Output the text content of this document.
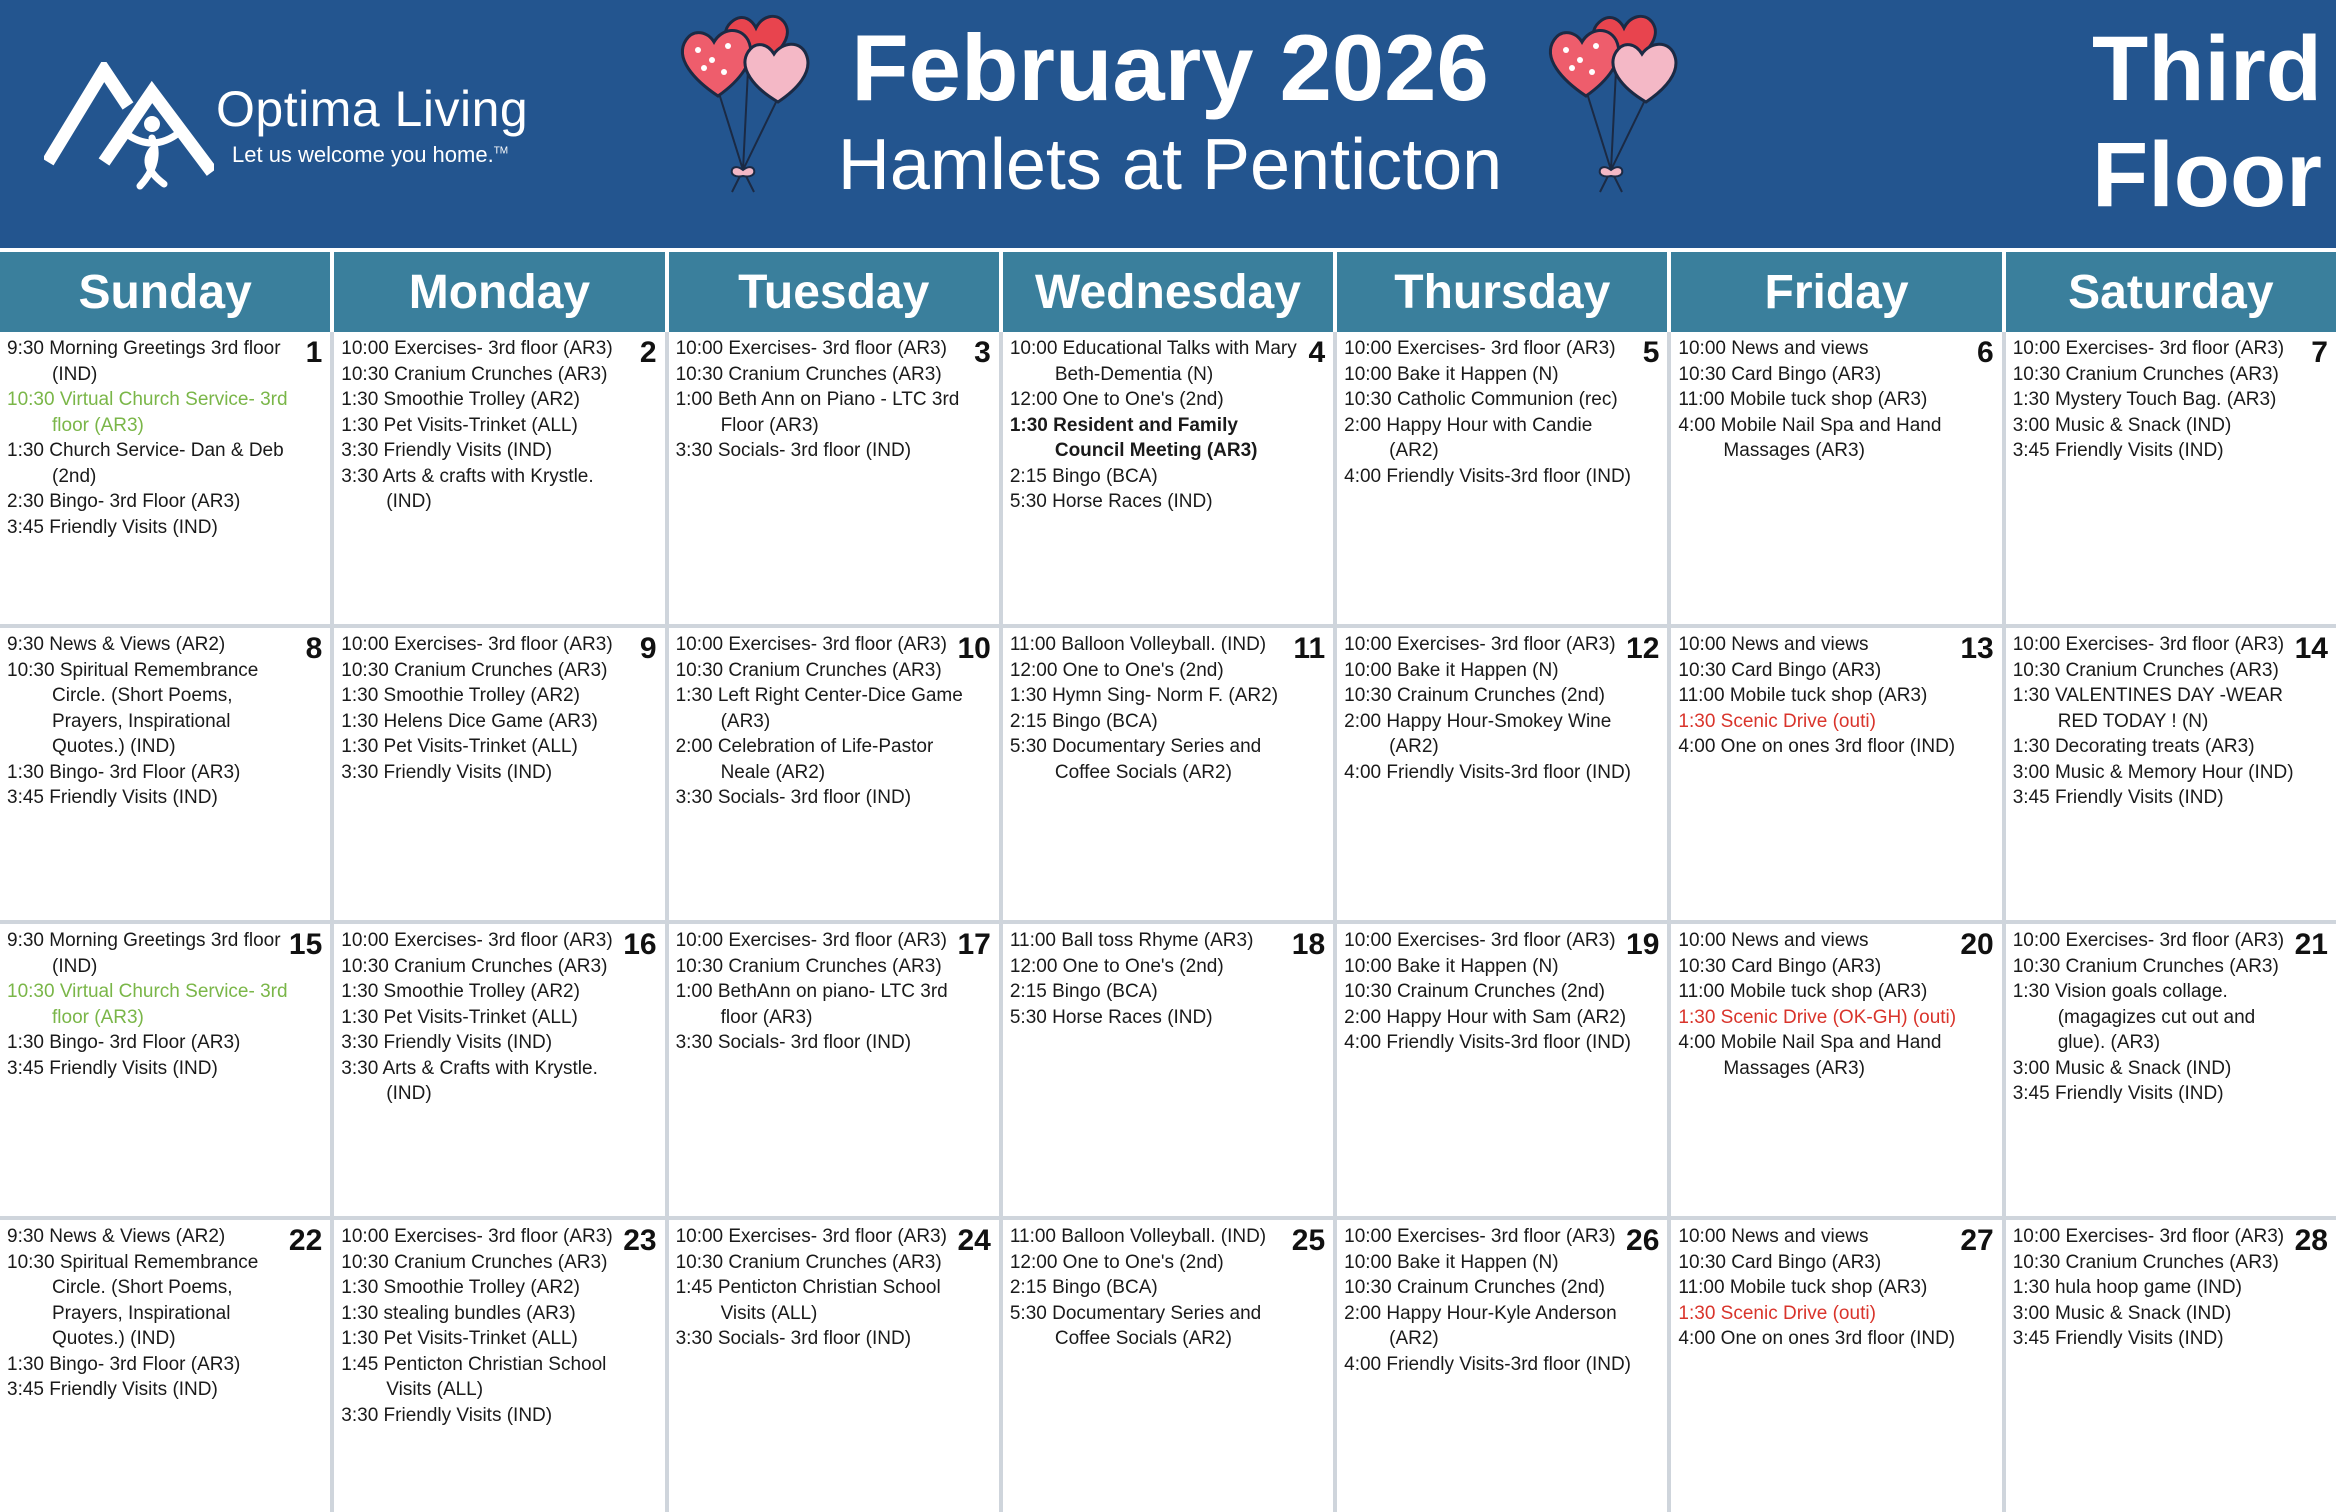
Optima Living
Let us welcome you home.™
February 2026
Hamlets at Penticton
Third
Floor
Sunday	Monday	Tuesday	Wednesday	Thursday	Friday	Saturday
1
9:30 Morning Greetings 3rd floor (IND)
10:30 Virtual Church Service- 3rd floor (AR3)
1:30 Church Service- Dan & Deb (2nd)
2:30 Bingo- 3rd Floor (AR3)
3:45 Friendly Visits (IND)
2
10:00 Exercises- 3rd floor (AR3)
10:30 Cranium Crunches (AR3)
1:30 Smoothie Trolley (AR2)
1:30 Pet Visits-Trinket (ALL)
3:30 Friendly Visits (IND)
3:30 Arts & crafts with Krystle. (IND)
3
10:00 Exercises- 3rd floor (AR3)
10:30 Cranium Crunches (AR3)
1:00 Beth Ann on Piano - LTC 3rd Floor (AR3)
3:30 Socials- 3rd floor (IND)
4
10:00 Educational Talks with Mary Beth-Dementia (N)
12:00 One to One's (2nd)
1:30 Resident and Family Council Meeting (AR3)
2:15 Bingo (BCA)
5:30 Horse Races (IND)
5
10:00 Exercises- 3rd floor (AR3)
10:00 Bake it Happen (N)
10:30 Catholic Communion (rec)
2:00 Happy Hour with Candie (AR2)
4:00 Friendly Visits-3rd floor (IND)
6
10:00 News and views
10:30 Card Bingo (AR3)
11:00 Mobile tuck shop (AR3)
4:00 Mobile Nail Spa and Hand Massages (AR3)
7
10:00 Exercises- 3rd floor (AR3)
10:30 Cranium Crunches (AR3)
1:30 Mystery Touch Bag. (AR3)
3:00 Music & Snack (IND)
3:45 Friendly Visits (IND)
8
9:30 News & Views (AR2)
10:30 Spiritual Remembrance Circle. (Short Poems, Prayers, Inspirational Quotes.) (IND)
1:30 Bingo- 3rd Floor (AR3)
3:45 Friendly Visits (IND)
9
10:00 Exercises- 3rd floor (AR3)
10:30 Cranium Crunches (AR3)
1:30 Smoothie Trolley (AR2)
1:30 Helens Dice Game (AR3)
1:30 Pet Visits-Trinket (ALL)
3:30 Friendly Visits (IND)
10
10:00 Exercises- 3rd floor (AR3)
10:30 Cranium Crunches (AR3)
1:30 Left Right Center-Dice Game (AR3)
2:00 Celebration of Life-Pastor Neale (AR2)
3:30 Socials- 3rd floor (IND)
11
11:00 Balloon Volleyball. (IND)
12:00 One to One's (2nd)
1:30 Hymn Sing- Norm F. (AR2)
2:15 Bingo (BCA)
5:30 Documentary Series and Coffee Socials (AR2)
12
10:00 Exercises- 3rd floor (AR3)
10:00 Bake it Happen (N)
10:30 Crainum Crunches (2nd)
2:00 Happy Hour-Smokey Wine (AR2)
4:00 Friendly Visits-3rd floor (IND)
13
10:00 News and views
10:30 Card Bingo (AR3)
11:00 Mobile tuck shop (AR3)
1:30 Scenic Drive (outi)
4:00 One on ones 3rd floor (IND)
14
10:00 Exercises- 3rd floor (AR3)
10:30 Cranium Crunches (AR3)
1:30 VALENTINES DAY -WEAR RED TODAY ! (N)
1:30 Decorating treats (AR3)
3:00 Music & Memory Hour (IND)
3:45 Friendly Visits (IND)
15
9:30 Morning Greetings 3rd floor (IND)
10:30 Virtual Church Service- 3rd floor (AR3)
1:30 Bingo- 3rd Floor (AR3)
3:45 Friendly Visits (IND)
16
10:00 Exercises- 3rd floor (AR3)
10:30 Cranium Crunches (AR3)
1:30 Smoothie Trolley (AR2)
1:30 Pet Visits-Trinket (ALL)
3:30 Friendly Visits (IND)
3:30 Arts & Crafts with Krystle. (IND)
17
10:00 Exercises- 3rd floor (AR3)
10:30 Cranium Crunches (AR3)
1:00 BethAnn on piano- LTC 3rd floor (AR3)
3:30 Socials- 3rd floor (IND)
18
11:00 Ball toss Rhyme (AR3)
12:00 One to One's (2nd)
2:15 Bingo (BCA)
5:30 Horse Races (IND)
19
10:00 Exercises- 3rd floor (AR3)
10:00 Bake it Happen (N)
10:30 Crainum Crunches (2nd)
2:00 Happy Hour with Sam (AR2)
4:00 Friendly Visits-3rd floor (IND)
20
10:00 News and views
10:30 Card Bingo (AR3)
11:00 Mobile tuck shop (AR3)
1:30 Scenic Drive (OK-GH) (outi)
4:00 Mobile Nail Spa and Hand Massages (AR3)
21
10:00 Exercises- 3rd floor (AR3)
10:30 Cranium Crunches (AR3)
1:30 Vision goals collage. (magagizes cut out and glue). (AR3)
3:00 Music & Snack (IND)
3:45 Friendly Visits (IND)
22
9:30 News & Views (AR2)
10:30 Spiritual Remembrance Circle. (Short Poems, Prayers, Inspirational Quotes.) (IND)
1:30 Bingo- 3rd Floor (AR3)
3:45 Friendly Visits (IND)
23
10:00 Exercises- 3rd floor (AR3)
10:30 Cranium Crunches (AR3)
1:30 Smoothie Trolley (AR2)
1:30 stealing bundles (AR3)
1:30 Pet Visits-Trinket (ALL)
1:45 Penticton Christian School Visits (ALL)
3:30 Friendly Visits (IND)
24
10:00 Exercises- 3rd floor (AR3)
10:30 Cranium Crunches (AR3)
1:45 Penticton Christian School Visits (ALL)
3:30 Socials- 3rd floor (IND)
25
11:00 Balloon Volleyball. (IND)
12:00 One to One's (2nd)
2:15 Bingo (BCA)
5:30 Documentary Series and Coffee Socials (AR2)
26
10:00 Exercises- 3rd floor (AR3)
10:00 Bake it Happen (N)
10:30 Crainum Crunches (2nd)
2:00 Happy Hour-Kyle Anderson (AR2)
4:00 Friendly Visits-3rd floor (IND)
27
10:00 News and views
10:30 Card Bingo (AR3)
11:00 Mobile tuck shop (AR3)
1:30 Scenic Drive (outi)
4:00 One on ones 3rd floor (IND)
28
10:00 Exercises- 3rd floor (AR3)
10:30 Cranium Crunches (AR3)
1:30 hula hoop game (IND)
3:00 Music & Snack (IND)
3:45 Friendly Visits (IND)
